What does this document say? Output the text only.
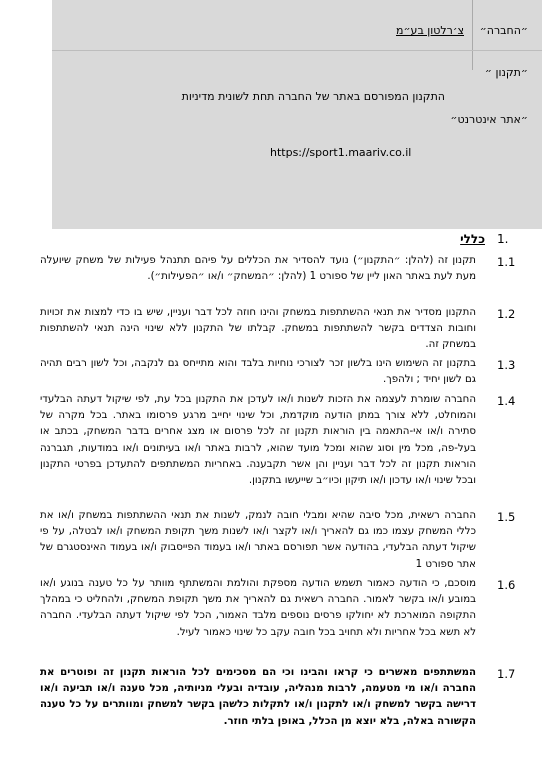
״החברה״
צ׳רלטון בע״מ
״תקנון ״
התקנון המפורסם באתר של החברה תחת לשונית מדיניות
״אתר אינטרנט״
https://sport1.maariv.co.il
1.
כללי
1.1
תקנון זה (להלן: ״התקנון״) נועד להסדיר את הכללים על פיהם תתנהל פעילות של משחק שיועלה מעת לעת באתר האון ליין של ספורט 1 (להלן: ״המשחק״ ו/או ״הפעילות״).
1.2
התקנון מסדיר את תנאי ההשתתפות במשחק והינו חוזה לכל דבר ועניין, שיש בו כדי למצות את זכויות וחובות הצדדים בקשר להשתתפות במשחק. קבלתו של התקנון ללא שינוי הינה תנאי להשתתפות במשחק זה.
1.3
בתקנון זה השימוש הינו בלשון זכר לצורכי נוחיות בלבד והוא מתייחס גם לנקבה, וכל לשון רבים תהיה גם לשון יחיד ; ולהפך.
1.4
החברה שומרת לעצמה את הזכות לשנות ו/או לעדכן את התקנון בכל עת, לפי שיקול דעתה הבלעדי והמוחלט, ללא צורך במתן הודעה מוקדמת, וכל שינוי יחייב מרגע פרסומו באתר. בכל מקרה של סתירה ו/או אי-התאמה בין הוראות תקנון זה לכל פרסום או מצג אחרים בדבר המשחק, בכתב או בעל-פה, מכל מין וסוג שהוא ומכל מועד שהוא, לרבות באתר ו/או בעיתונים ו/או במודעות, תגברנה הוראות תקנון זה לכל דבר ועניין והן אשר תקבענה. באחריות המשתתפים להתעדכן בפרטי התקנון ובכל שינוי ו/או עדכון ו/או תיקון וכיו״ב שייעשו בתקנון.
1.5
החברה רשאית, מכל סיבה שהיא ומבלי חובה לנמק, לשנות את תנאי ההשתתפות במשחק ו/או את כללי המשחק עצמו כמו גם להאריך ו/או לקצר ו/או לשנות משך תקופת המשחק ו/או לבטלה, על פי שיקול דעתה הבלעדי, בהודעה אשר תפורסם באתר ו/או בעמוד הפייסבוק ו/או בעמוד האינסטגרם של אתר ספורט 1
1.6
מוסכם, כי הודעה כאמור תשמש הודעה מספקת והולמת והמשתתף מוותר על כל טענה בנוגע ו/או במובע ו/או בקשר לאמור. החברה רשאית גם להאריך את משך תקופת המשחק, ולהחליט כי במהלך התקופה המוארכת לא יחולקו פרסים נוספים מלבד האמור, הכל לפי שיקול דעתה הבלעדי. החברה לא תשא בכל אחריות ולא תחויב בכל חובה עקב כל שינוי כאמור לעיל.
1.7
המשתתפים מאשרים כי קראו והבינו וכי הם מסכימים לכל הוראות תקנון זה ופוטרים את החברה ו/או מי מטעמה, לרבות מנהליה, עובדיה ובעלי מניותיה, מכל טענה ו/או תביעה ו/או דרישה בקשר למשחק ו/או לתקנון ו/או לתקלות כלשהן בקשר למשחק ומוותרים על כל טענה הקשורה באלה, בלא יוצא מן הכלל, באופן בלתי חוזר.
